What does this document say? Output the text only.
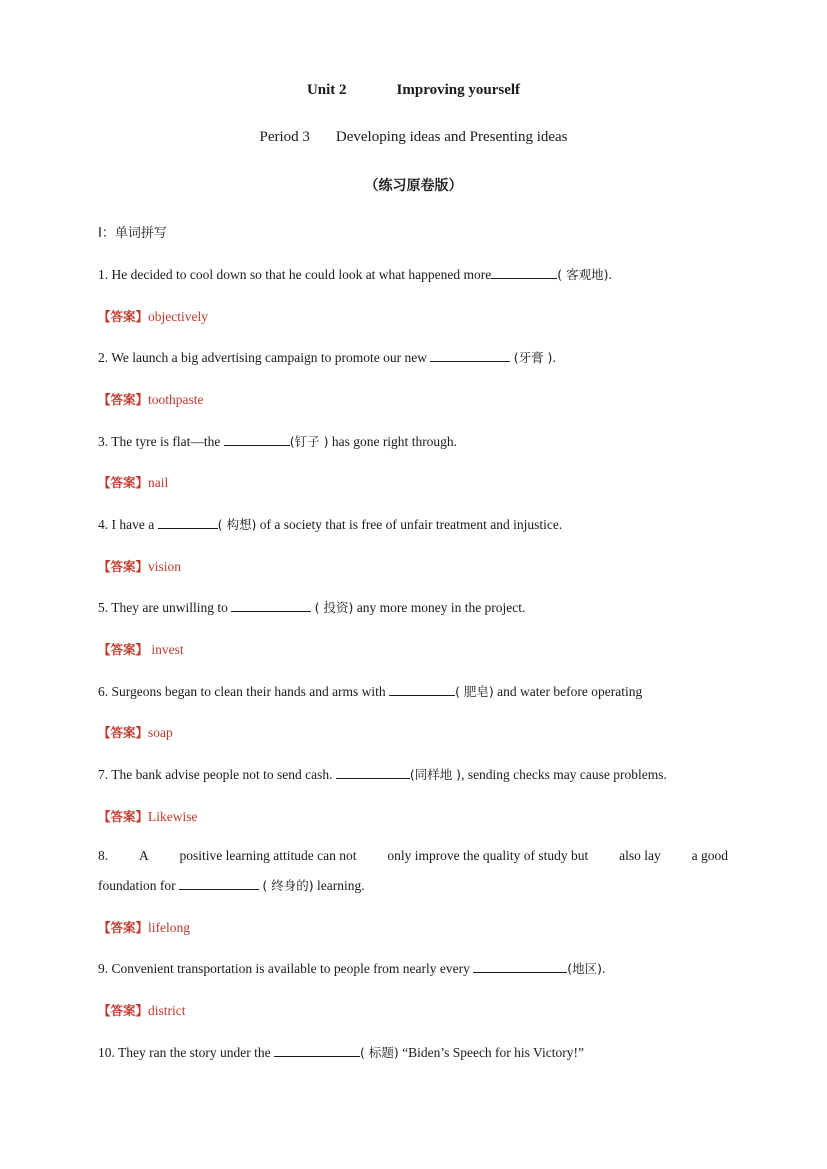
Unit 2	Improving yourself
Period 3 Developing ideas and Presenting ideas
（练习原卷版）
I：单词拼写
1. He decided to cool down so that he could look at what happened more	( 客观地).
【答案】objectively
2. We launch a big advertising campaign to promote our new	(牙膏 ).
【答案】toothpaste
3. The tyre is flat—the	(钉子 ) has gone right through.
【答案】nail
4. I have a	( 构想) of a society that is free of unfair treatment and injustice.
【答案】vision
5. They are unwilling to	( 投资) any more money in the project.
【答案】 invest
6. Surgeons began to clean their hands and arms with	( 肥皂) and water before operating
【答案】soap
7. The bank advise people not to send cash.	(同样地 ), sending checks may cause problems.
【答案】Likewise
8. A positive learning attitude can not only improve the quality of study but also lay a good
foundation for	( 终身的) learning.
【答案】lifelong
9. Convenient transportation is available to people from nearly every	(地区).
【答案】district
10. They ran the story under the	( 标题) “Biden’s Speech for his Victory!”
